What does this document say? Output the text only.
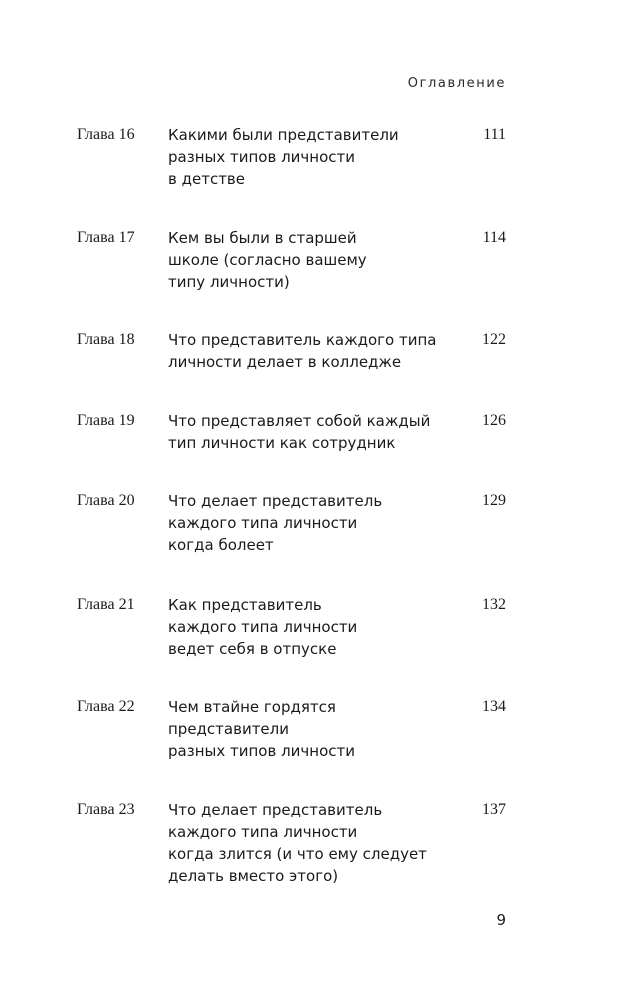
Оглавление
Глава 16 Какими были представители
разных типов личности
в детстве
111
Глава 17 Кем вы были в старшей
школе (согласно вашему
типу личности)
114
Глава 18 Что представитель каждого типа
личности делает в колледже
122
Глава 19 Что представляет собой каждый
тип личности как сотрудник
126
Глава 20 Что делает представитель
каждого типа личности
когда болеет
129
Глава 21 Как представитель
каждого типа личности
ведет себя в отпуске
132
Глава 22 Чем втайне гордятся
представители
разных типов личности
134
Глава 23 Что делает представитель
каждого типа личности
когда злится (и что ему следует
делать вместо этого)
137
9
